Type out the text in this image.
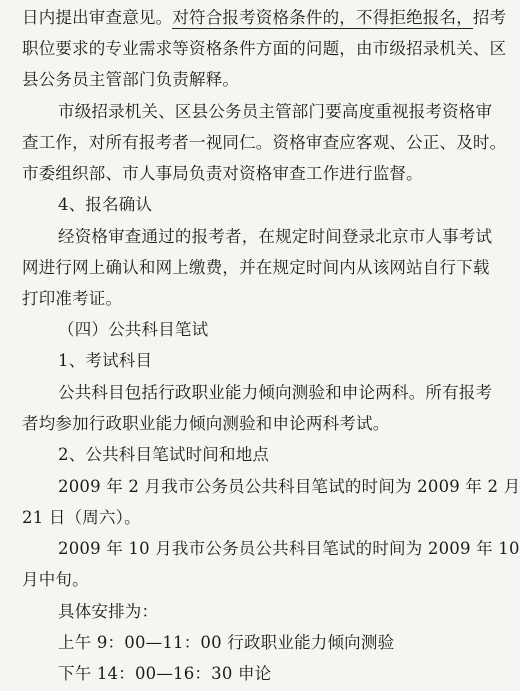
日内提出审查意见。对符合报考资格条件的，不得拒绝报名，招考
职位要求的专业需求等资格条件方面的问题，由市级招录机关、区
县公务员主管部门负责解释。
市级招录机关、区县公务员主管部门要高度重视报考资格审
查工作，对所有报考者一视同仁。资格审查应客观、公正、及时。
市委组织部、市人事局负责对资格审查工作进行监督。
4、报名确认
经资格审查通过的报考者，在规定时间登录北京市人事考试
网进行网上确认和网上缴费，并在规定时间内从该网站自行下载
打印准考证。
（四）公共科目笔试
1、考试科目
公共科目包括行政职业能力倾向测验和申论两科。所有报考
者均参加行政职业能力倾向测验和申论两科考试。
2、公共科目笔试时间和地点
2009 年 2 月我市公务员公共科目笔试的时间为 2009 年 2 月
21 日（周六）。
2009 年 10 月我市公务员公共科目笔试的时间为 2009 年 10
月中旬。
具体安排为：
上午 9：00—11：00 行政职业能力倾向测验
下午 14：00—16：30 申论
